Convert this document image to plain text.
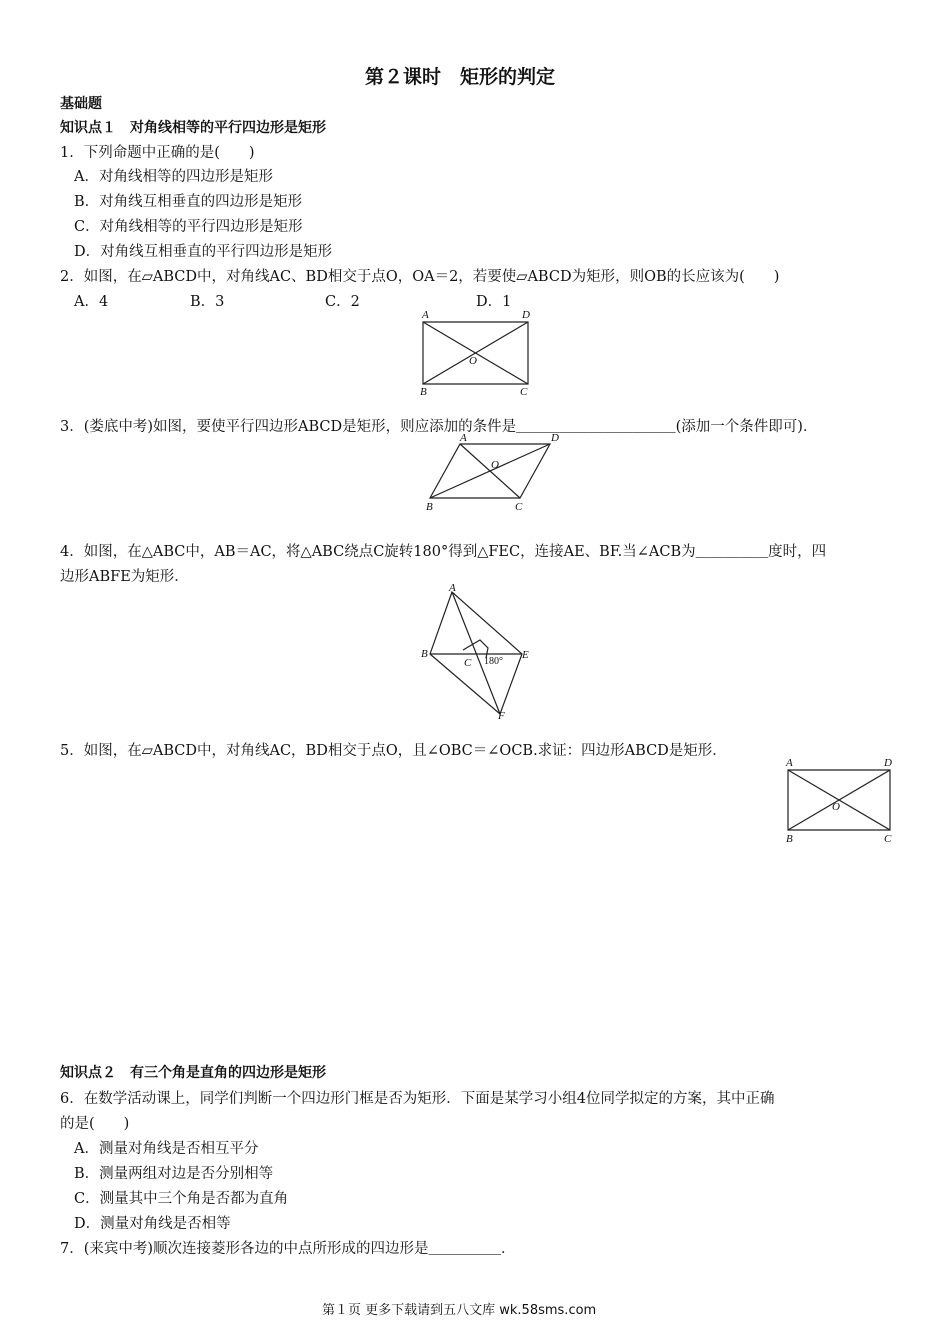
第２课时　矩形的判定
基础题
知识点１　对角线相等的平行四边形是矩形
1．下列命题中正确的是(　　)
A．对角线相等的四边形是矩形
B．对角线互相垂直的四边形是矩形
C．对角线相等的平行四边形是矩形
D．对角线互相垂直的平行四边形是矩形
2．如图，在▱ABCD中，对角线AC、BD相交于点O，OA＝2，若要使▱ABCD为矩形，则OB的长应该为(　　)
A．4	B．3	C．2	D．1
A	D
O
B	C
3．(娄底中考)如图，要使平行四边形ABCD是矩形，则应添加的条件是＿＿＿＿＿＿＿＿＿＿＿(添加一个条件即可)．
A	D
O
B	C
4．如图，在△ABC中，AB＝AC，将△ABC绕点C旋转180°得到△FEC，连接AE、BF.当∠ACB为＿＿＿＿＿度时，四
边形ABFE为矩形．
A
B
C 180°
E
F
5．如图，在▱ABCD中，对角线AC，BD相交于点O，且∠OBC＝∠OCB.求证：四边形ABCD是矩形．
A	D
O
B	C
知识点２　有三个角是直角的四边形是矩形
6．在数学活动课上，同学们判断一个四边形门框是否为矩形．下面是某学习小组4位同学拟定的方案，其中正确
的是(　　)
A．测量对角线是否相互平分
B．测量两组对边是否分别相等
C．测量其中三个角是否都为直角
D．测量对角线是否相等
7．(来宾中考)顺次连接菱形各边的中点所形成的四边形是＿＿＿＿＿．
第１页 更多下载请到五八文库 wk.58sms.com
